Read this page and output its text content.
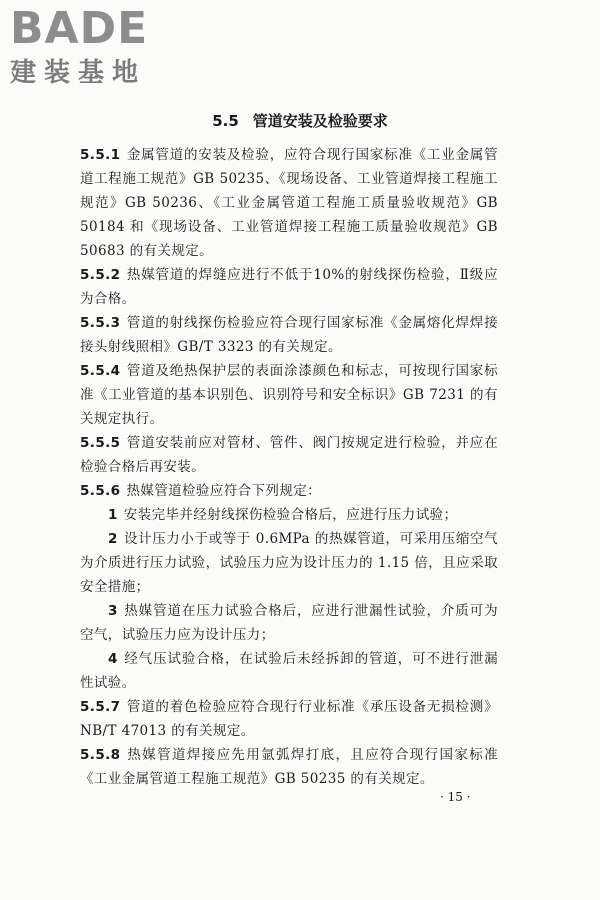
BADE
建装基地
5.5 管道安装及检验要求

5.5.1 金属管道的安装及检验，应符合现行国家标准《工业金属管道工程施工规范》GB 50235、《现场设备、工业管道焊接工程施工规范》GB 50236、《工业金属管道工程施工质量验收规范》GB 50184 和《现场设备、工业管道焊接工程施工质量验收规范》GB 50683 的有关规定。

5.5.2 热媒管道的焊缝应进行不低于10%的射线探伤检验，Ⅱ级应为合格。

5.5.3 管道的射线探伤检验应符合现行国家标准《金属熔化焊焊接接头射线照相》GB/T 3323 的有关规定。

5.5.4 管道及绝热保护层的表面涂漆颜色和标志，可按现行国家标准《工业管道的基本识别色、识别符号和安全标识》GB 7231 的有关规定执行。

5.5.5 管道安装前应对管材、管件、阀门按规定进行检验，并应在检验合格后再安装。

5.5.6 热媒管道检验应符合下列规定：

1 安装完毕并经射线探伤检验合格后，应进行压力试验；

2 设计压力小于或等于 0.6MPa 的热媒管道，可采用压缩空气为介质进行压力试验，试验压力应为设计压力的 1.15 倍，且应采取安全措施；

3 热媒管道在压力试验合格后，应进行泄漏性试验，介质可为空气，试验压力应为设计压力；

4 经气压试验合格，在试验后未经拆卸的管道，可不进行泄漏性试验。

5.5.7 管道的着色检验应符合现行行业标准《承压设备无损检测》NB/T 47013 的有关规定。

5.5.8 热媒管道焊接应先用氩弧焊打底，且应符合现行国家标准《工业金属管道工程施工规范》GB 50235 的有关规定。

· 15 ·
